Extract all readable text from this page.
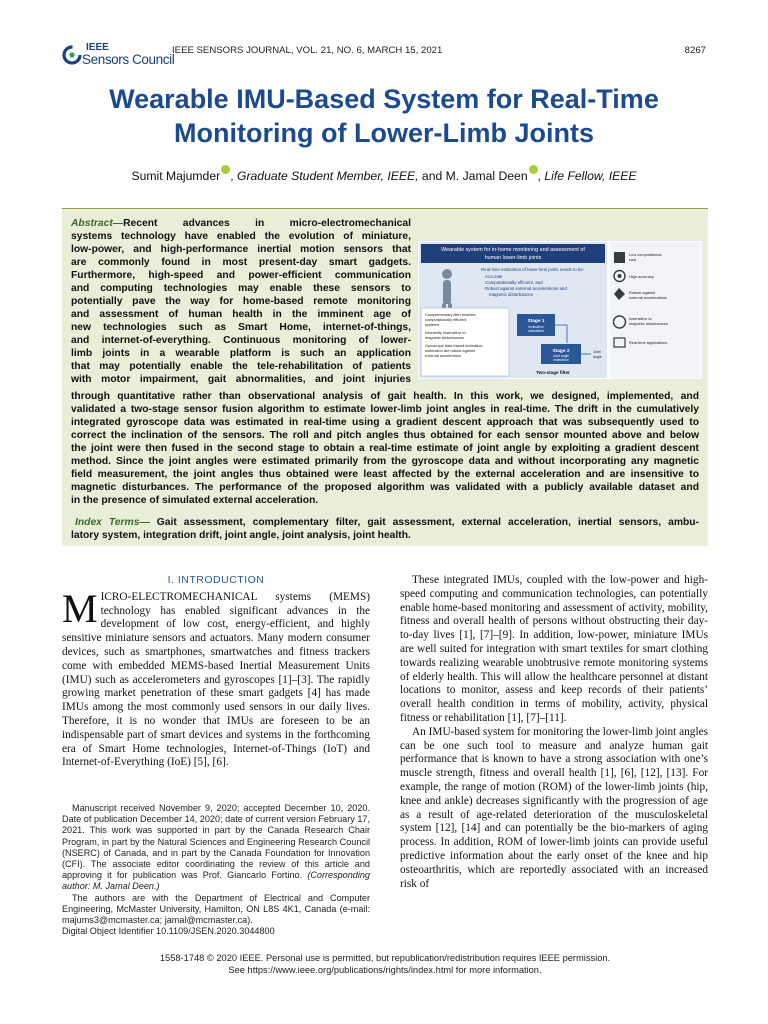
IEEE
Sensors Council
IEEE SENSORS JOURNAL, VOL. 21, NO. 6, MARCH 15, 2021	8267
Wearable IMU-Based System for Real-Time Monitoring of Lower-Limb Joints
Sumit Majumder , Graduate Student Member, IEEE, and M. Jamal Deen , Life Fellow, IEEE
Abstract—Recent advances in micro-electromechanical
systems technology have enabled the evolution of miniature,
low-power, and high-performance inertial motion sensors that
are commonly found in most present-day smart gadgets.
Furthermore, high-speed and power-efficient communication
and computing technologies may enable these sensors to
potentially pave the way for home-based remote monitoring
and assessment of human health in the imminent age of
new technologies such as Smart Home, internet-of-things,
and internet-of-everything. Continuous monitoring of lower-
limb joints in a wearable platform is such an application
that may potentially enable the tele-rehabilitation of patients
with motor impairment, gait abnormalities, and joint injuries
through quantitative rather than observational analysis of gait health. In this work, we designed, implemented, and
validated a two-stage sensor fusion algorithm to estimate lower-limb joint angles in real-time. The drift in the cumulatively
integrated gyroscope data was estimated in real-time using a gradient descent approach that was subsequently used to
correct the inclination of the sensors. The roll and pitch angles thus obtained for each sensor mounted above and below
the joint were then fused in the second stage to obtain a real-time estimate of joint angle by exploiting a gradient descent
method. Since the joint angles were estimated primarily from the gyroscope data and without incorporating any magnetic
field measurement, the joint angles thus obtained were least affected by the external acceleration and are insensitive to
magnetic disturbances. The performance of the proposed algorithm was validated with a publicly available dataset and
in the presence of simulated external acceleration.
Index Terms— Gait assessment, complementary filter, gait assessment, external acceleration, inertial sensors, ambu-
latory system, integration drift, joint angle, joint analysis, joint health.
Wearable system for in-home monitoring and assessment of
human lower-limb joints
Real-time estimation of lower-limb joints needs to be-
Accurate
Computationally efficient, and
Robust against external accelerations and
magnetic disturbances
Complementary filter enables
computationally efficient
systems
Inherently insensitive to
magnetic disturbances
Gyroscope data based inclination
estimation are robust against
external acceleration
Stage 1
Inclination
calculation
Stage 2
Joint angle
estimation
Joint
angle
Two-stage filter
Low computational
cost
High accuracy
Robust against
external accelerations
Insensitive to
magnetic disturbances
Real-time applications
I. INTRODUCTION

MICRO-ELECTROMECHANICAL systems (MEMS) technology has enabled significant advances in the development of low cost, energy-efficient, and highly sensitive miniature sensors and actuators. Many modern consumer devices, such as smartphones, smartwatches and fitness trackers come with embedded MEMS-based Inertial Measurement Units (IMU) such as accelerometers and gyroscopes [1]–[3]. The rapidly growing market penetration of these smart gadgets [4] has made IMUs among the most commonly used sensors in our daily lives. Therefore, it is no wonder that IMUs are foreseen to be an indispensable part of smart devices and systems in the forthcoming era of Smart Home technologies, Internet-of-Things (IoT) and Internet-of-Everything (IoE) [5], [6].

Manuscript received November 9, 2020; accepted December 10, 2020. Date of publication December 14, 2020; date of current version February 17, 2021. This work was supported in part by the Canada Research Chair Program, in part by the Natural Sciences and Engineering Research Council (NSERC) of Canada, and in part by the Canada Foundation for Innovation (CFI). The associate editor coordinating the review of this article and approving it for publication was Prof. Giancarlo Fortino. (Corresponding author: M. Jamal Deen.)

The authors are with the Department of Electrical and Computer Engineering, McMaster University, Hamilton, ON L8S 4K1, Canada (e-mail: majums3@mcmaster.ca; jamal@mcmaster.ca).

Digital Object Identifier 10.1109/JSEN.2020.3044800

These integrated IMUs, coupled with the low-power and high-speed computing and communication technologies, can potentially enable home-based monitoring and assessment of activity, mobility, fitness and overall health of persons without obstructing their day-to-day lives [1], [7]–[9]. In addition, low-power, miniature IMUs are well suited for integration with smart textiles for smart clothing towards realizing wearable unobtrusive remote monitoring systems of elderly health. This will allow the healthcare personnel at distant locations to monitor, assess and keep records of their patients’ overall health condition in terms of mobility, activity, physical fitness or rehabilitation [1], [7]–[11].

An IMU-based system for monitoring the lower-limb joint angles can be one such tool to measure and analyze human gait performance that is known to have a strong association with one’s muscle strength, fitness and overall health [1], [6], [12], [13]. For example, the range of motion (ROM) of the lower-limb joints (hip, knee and ankle) decreases significantly with the progression of age as a result of age-related deterioration of the musculoskeletal system [12], [14] and can potentially be the bio-markers of aging process. In addition, ROM of lower-limb joints can provide useful predictive information about the early onset of the knee and hip osteoarthritis, which are reportedly associated with an increased risk of

1558-1748 © 2020 IEEE. Personal use is permitted, but republication/redistribution requires IEEE permission.
See https://www.ieee.org/publications/rights/index.html for more information.
